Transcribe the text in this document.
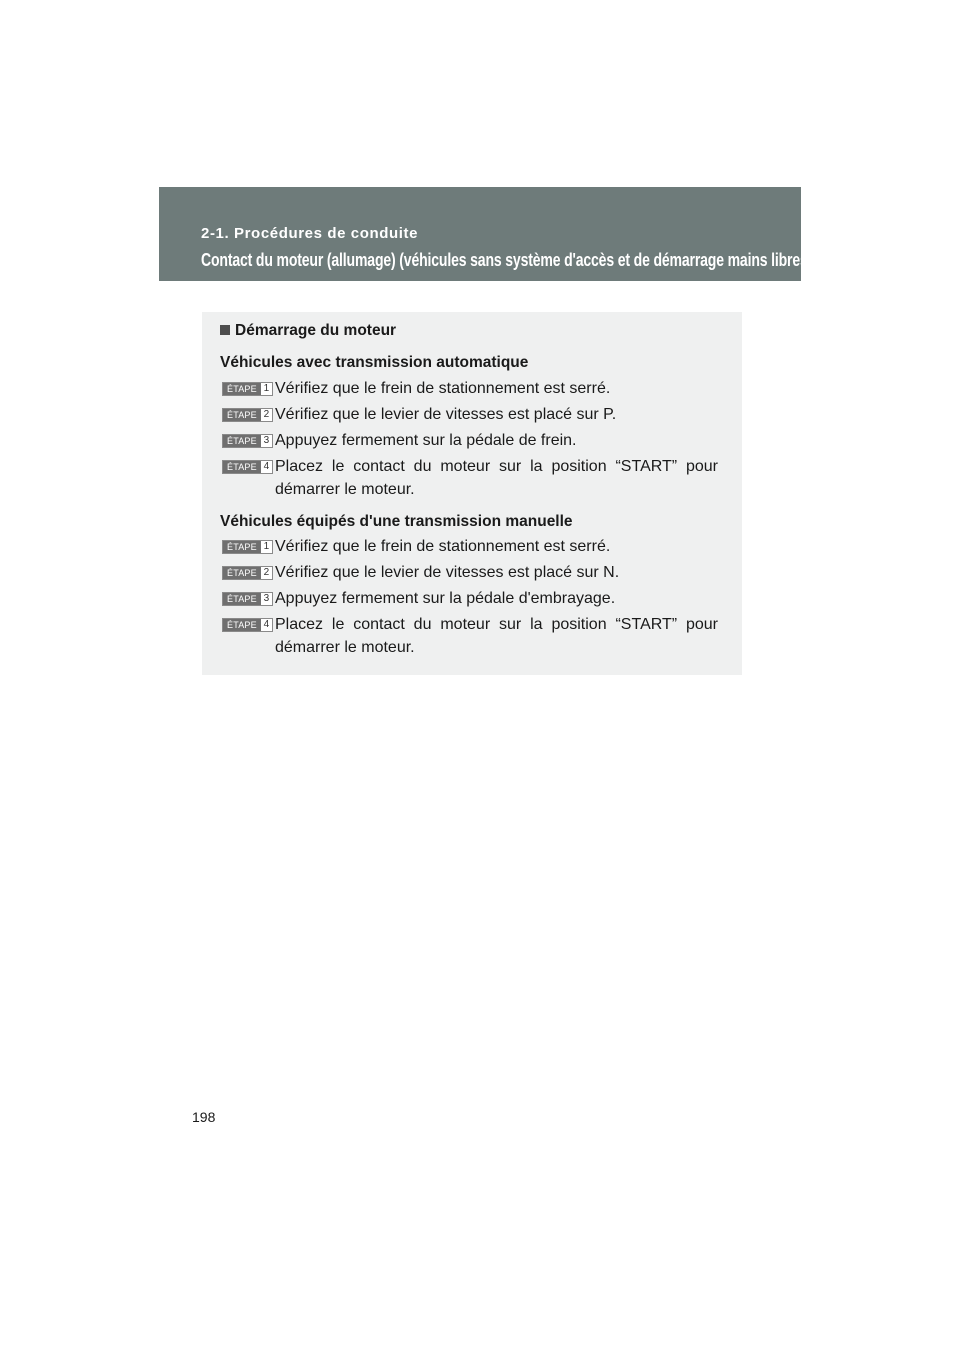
2-1. Procédures de conduite
Contact du moteur (allumage) (véhicules sans système d'accès et de démarrage mains libres)
Démarrage du moteur
Véhicules avec transmission automatique
ÉTAPE 1 Vérifiez que le frein de stationnement est serré.
ÉTAPE 2 Vérifiez que le levier de vitesses est placé sur P.
ÉTAPE 3 Appuyez fermement sur la pédale de frein.
ÉTAPE 4 Placez le contact du moteur sur la position “START” pour démarrer le moteur.
Véhicules équipés d'une transmission manuelle
ÉTAPE 1 Vérifiez que le frein de stationnement est serré.
ÉTAPE 2 Vérifiez que le levier de vitesses est placé sur N.
ÉTAPE 3 Appuyez fermement sur la pédale d'embrayage.
ÉTAPE 4 Placez le contact du moteur sur la position “START” pour démarrer le moteur.
198
